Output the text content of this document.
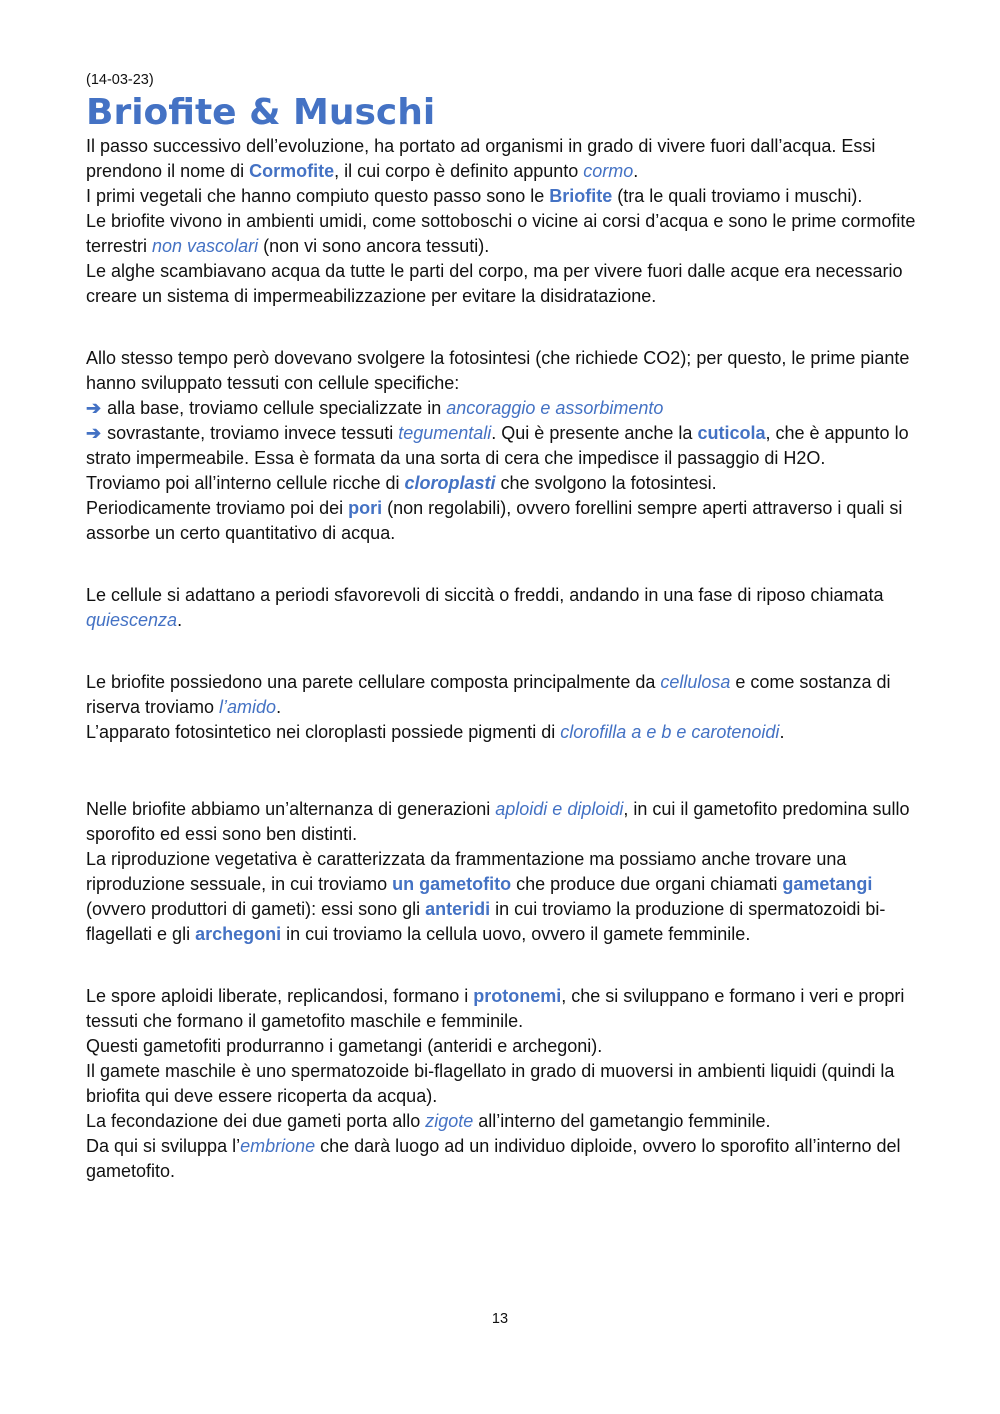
(14-03-23)
Briofite & Muschi

Il passo successivo dell’evoluzione, ha portato ad organismi in grado di vivere fuori dall’acqua. Essi prendono il nome di Cormofite, il cui corpo è definito appunto cormo.

I primi vegetali che hanno compiuto questo passo sono le Briofite (tra le quali troviamo i muschi).

Le briofite vivono in ambienti umidi, come sottoboschi o vicine ai corsi d’acqua e sono le prime cormofite terrestri non vascolari (non vi sono ancora tessuti).

Le alghe scambiavano acqua da tutte le parti del corpo, ma per vivere fuori dalle acque era necessario creare un sistema di impermeabilizzazione per evitare la disidratazione.

Allo stesso tempo però dovevano svolgere la fotosintesi (che richiede CO2); per questo, le prime piante hanno sviluppato tessuti con cellule specifiche:

➔ alla base, troviamo cellule specializzate in ancoraggio e assorbimento

➔ sovrastante, troviamo invece tessuti tegumentali. Qui è presente anche la cuticola, che è appunto lo strato impermeabile. Essa è formata da una sorta di cera che impedisce il passaggio di H2O.

Troviamo poi all’interno cellule ricche di cloroplasti che svolgono la fotosintesi.

Periodicamente troviamo poi dei pori (non regolabili), ovvero forellini sempre aperti attraverso i quali si assorbe un certo quantitativo di acqua.

Le cellule si adattano a periodi sfavorevoli di siccità o freddi, andando in una fase di riposo chiamata quiescenza.

Le briofite possiedono una parete cellulare composta principalmente da cellulosa e come sostanza di riserva troviamo l’amido.

L’apparato fotosintetico nei cloroplasti possiede pigmenti di clorofilla a e b e carotenoidi.

Nelle briofite abbiamo un’alternanza di generazioni aploidi e diploidi, in cui il gametofito predomina sullo sporofito ed essi sono ben distinti.

La riproduzione vegetativa è caratterizzata da frammentazione ma possiamo anche trovare una riproduzione sessuale, in cui troviamo un gametofito che produce due organi chiamati gametangi (ovvero produttori di gameti): essi sono gli anteridi in cui troviamo la produzione di spermatozoidi bi-flagellati e gli archegoni in cui troviamo la cellula uovo, ovvero il gamete femminile.

Le spore aploidi liberate, replicandosi, formano i protonemi, che si sviluppano e formano i veri e propri tessuti che formano il gametofito maschile e femminile.

Questi gametofiti produrranno i gametangi (anteridi e archegoni).

Il gamete maschile è uno spermatozoide bi-flagellato in grado di muoversi in ambienti liquidi (quindi la briofita qui deve essere ricoperta da acqua).

La fecondazione dei due gameti porta allo zigote all’interno del gametangio femminile.

Da qui si sviluppa l’embrione che darà luogo ad un individuo diploide, ovvero lo sporofito all’interno del gametofito.

13
